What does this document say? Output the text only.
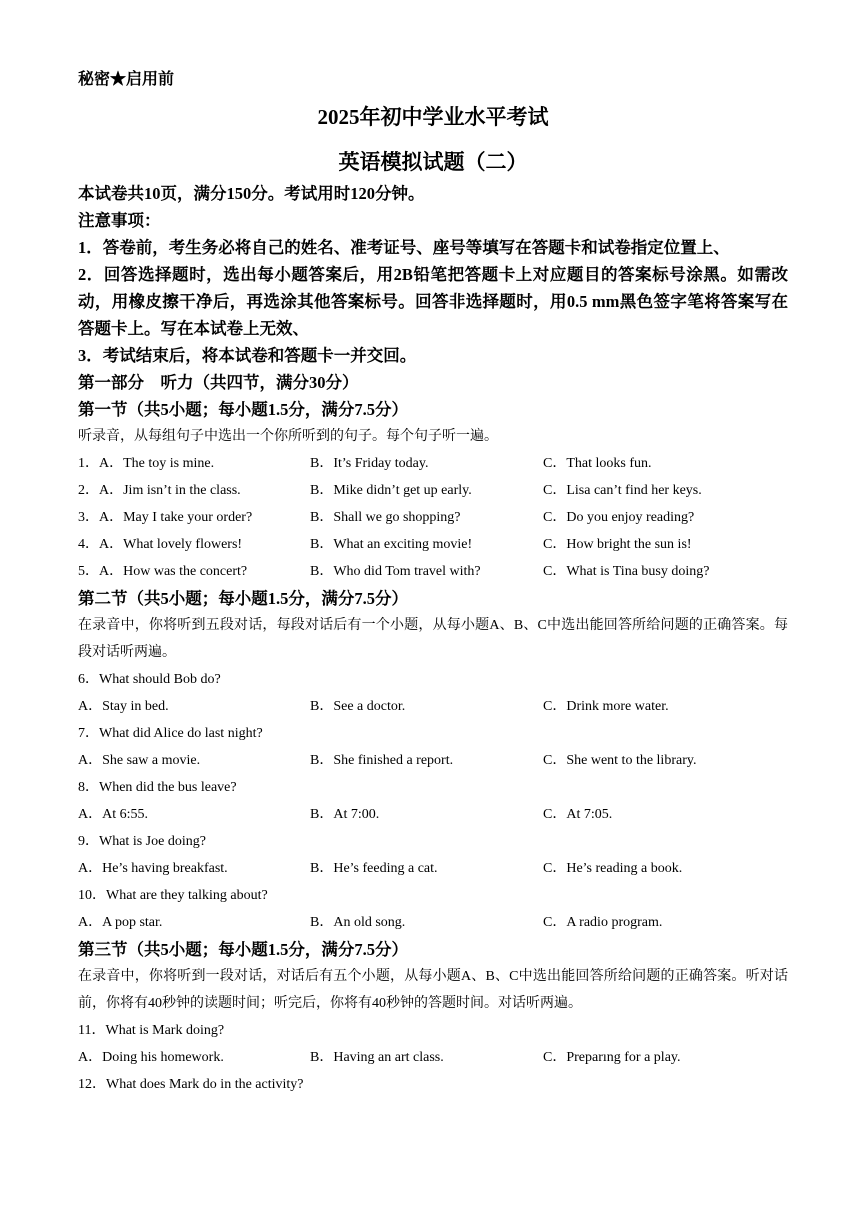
秘密★启用前
2025年初中学业水平考试
英语模拟试题（二）
本试卷共10页，满分150分。考试用时120分钟。
注意事项：
1．答卷前，考生务必将自己的姓名、准考证号、座号等填写在答题卡和试卷指定位置上、
2．回答选择题时，选出每小题答案后，用2B铅笔把答题卡上对应题目的答案标号涂黑。如需改动，用橡皮擦干净后，再选涂其他答案标号。回答非选择题时，用0.5 mm黑色签字笔将答案写在答题卡上。写在本试卷上无效、
3．考试结束后，将本试卷和答题卡一并交回。
第一部分　听力（共四节，满分30分）
第一节（共5小题；每小题1.5分，满分7.5分）
听录音，从每组句子中选出一个你所听到的句子。每个句子听一遍。
1．A．The toy is mine.	B．It’s Friday today.	C．That looks fun.
2．A．Jim isn’t in the class.	B．Mike didn’t get up early.	C．Lisa can’t find her keys.
3．A．May I take your order?	B．Shall we go shopping?	C．Do you enjoy reading?
4．A．What lovely flowers!	B．What an exciting movie!	C．How bright the sun is!
5．A．How was the concert?	B．Who did Tom travel with?	C．What is Tina busy doing?
第二节（共5小题；每小题1.5分，满分7.5分）
在录音中，你将听到五段对话，每段对话后有一个小题，从每小题A、B、C中选出能回答所给问题的正确答案。每段对话听两遍。
6．What should Bob do?
A．Stay in bed.	B．See a doctor.	C．Drink more water.
7．What did Alice do last night?
A．She saw a movie.	B．She finished a report.	C．She went to the library.
8．When did the bus leave?
A．At 6:55.	B．At 7:00.	C．At 7:05.
9．What is Joe doing?
A．He’s having breakfast.	B．He’s feeding a cat.	C．He’s reading a book.
10．What are they talking about?
A．A pop star.	B．An old song.	C．A radio program.
第三节（共5小题；每小题1.5分，满分7.5分）
在录音中，你将听到一段对话，对话后有五个小题，从每小题A、B、C中选出能回答所给问题的正确答案。听对话前，你将有40秒钟的读题时间；听完后，你将有40秒钟的答题时间。对话听两遍。
11．What is Mark doing?
A．Doing his homework.	B．Having an art class.	C．Preparıng for a play.
12．What does Mark do in the activity?
